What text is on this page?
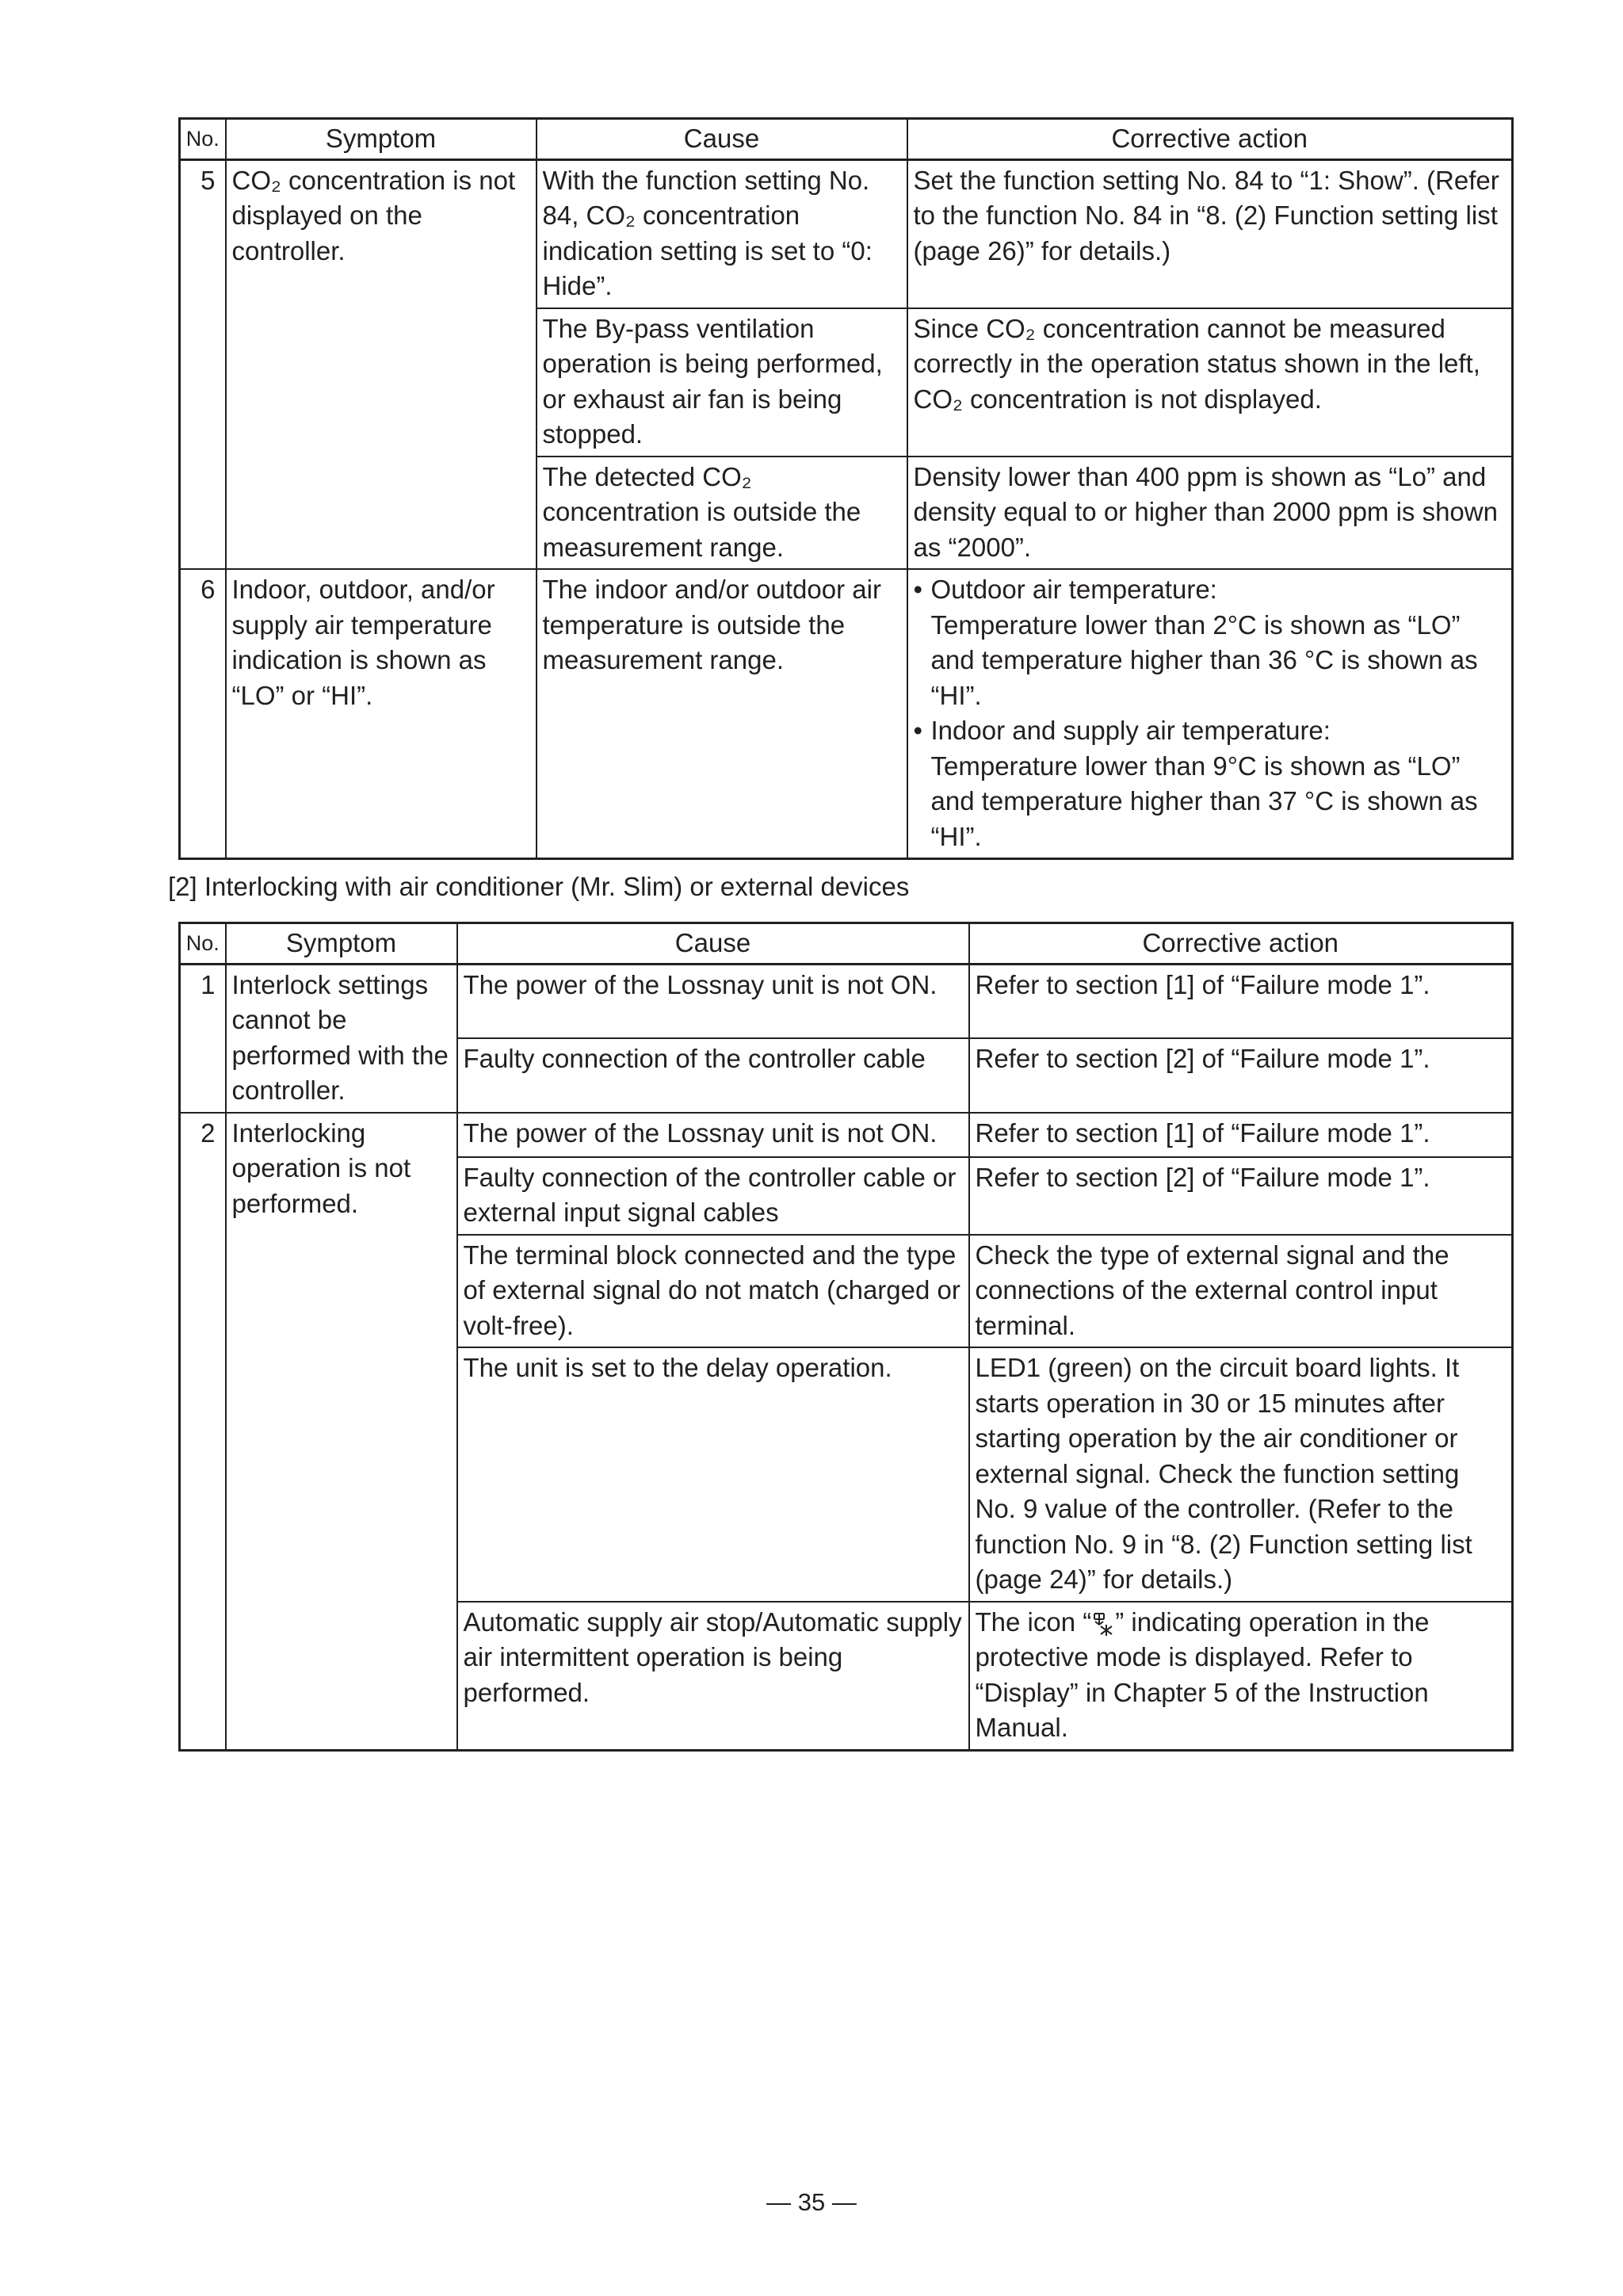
No.	Symptom	Cause	Corrective action
5	CO₂ concentration is not displayed on the controller.	With the function setting No. 84, CO₂ concentration indication setting is set to “0: Hide”.	Set the function setting No. 84 to “1: Show”. (Refer to the function No. 84 in “8. (2) Function setting list (page 26)” for details.)
		The By-pass ventilation operation is being performed, or exhaust air fan is being stopped.	Since CO₂ concentration cannot be measured correctly in the operation status shown in the left, CO₂ concentration is not displayed.
		The detected CO₂ concentration is outside the measurement range.	Density lower than 400 ppm is shown as “Lo” and density equal to or higher than 2000 ppm is shown as “2000”.
6	Indoor, outdoor, and/or supply air temperature indication is shown as “LO” or “HI”.	The indoor and/or outdoor air temperature is outside the measurement range.	• Outdoor air temperature:
Temperature lower than 2°C is shown as “LO” and temperature higher than 36 °C is shown as “HI”.
• Indoor and supply air temperature:
Temperature lower than 9°C is shown as “LO” and temperature higher than 37 °C is shown as “HI”.

[2] Interlocking with air conditioner (Mr. Slim) or external devices

No.	Symptom	Cause	Corrective action
1	Interlock settings cannot be performed with the controller.	The power of the Lossnay unit is not ON.	Refer to section [1] of “Failure mode 1”.
		Faulty connection of the controller cable	Refer to section [2] of “Failure mode 1”.
2	Interlocking operation is not performed.	The power of the Lossnay unit is not ON.	Refer to section [1] of “Failure mode 1”.
		Faulty connection of the controller cable or external input signal cables	Refer to section [2] of “Failure mode 1”.
		The terminal block connected and the type of external signal do not match (charged or volt-free).	Check the type of external signal and the connections of the external control input terminal.
		The unit is set to the delay operation.	LED1 (green) on the circuit board lights. It starts operation in 30 or 15 minutes after starting operation by the air conditioner or external signal. Check the function setting No. 9 value of the controller. (Refer to the function No. 9 in “8. (2) Function setting list (page 24)” for details.)
		Automatic supply air stop/Automatic supply air intermittent operation is being performed.	The icon “ ” indicating operation in the protective mode is displayed. Refer to “Display” in Chapter 5 of the Instruction Manual.
— 35 —
